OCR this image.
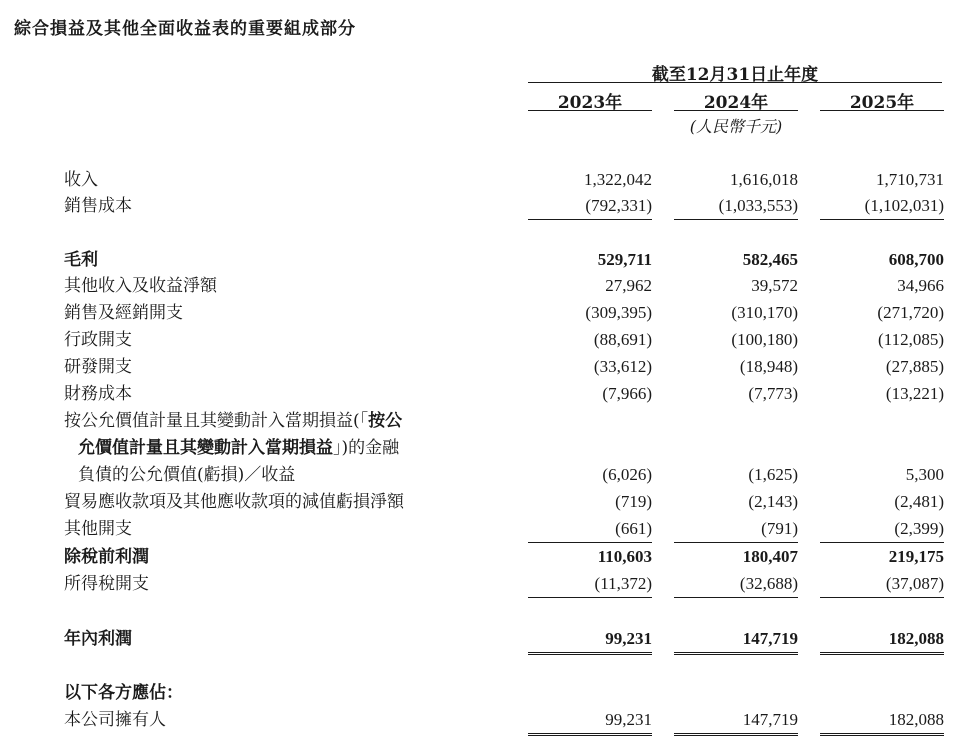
綜合損益及其他全面收益表的重要組成部分
截至12月31日止年度
2023年	2024年	2025年
(人民幣千元)
收入	1,322,042	1,616,018	1,710,731
銷售成本	(792,331)	(1,033,553)	(1,102,031)
毛利	529,711	582,465	608,700
其他收入及收益淨額	27,962	39,572	34,966
銷售及經銷開支	(309,395)	(310,170)	(271,720)
行政開支	(88,691)	(100,180)	(112,085)
研發開支	(33,612)	(18,948)	(27,885)
財務成本	(7,966)	(7,773)	(13,221)
按公允價值計量且其變動計入當期損益(「按公
允價值計量且其變動計入當期損益」)的金融
負債的公允價值(虧損)／收益	(6,026)	(1,625)	5,300
貿易應收款項及其他應收款項的減值虧損淨額	(719)	(2,143)	(2,481)
其他開支	(661)	(791)	(2,399)
除稅前利潤	110,603	180,407	219,175
所得稅開支	(11,372)	(32,688)	(37,087)
年內利潤	99,231	147,719	182,088
以下各方應佔：
本公司擁有人	99,231	147,719	182,088
